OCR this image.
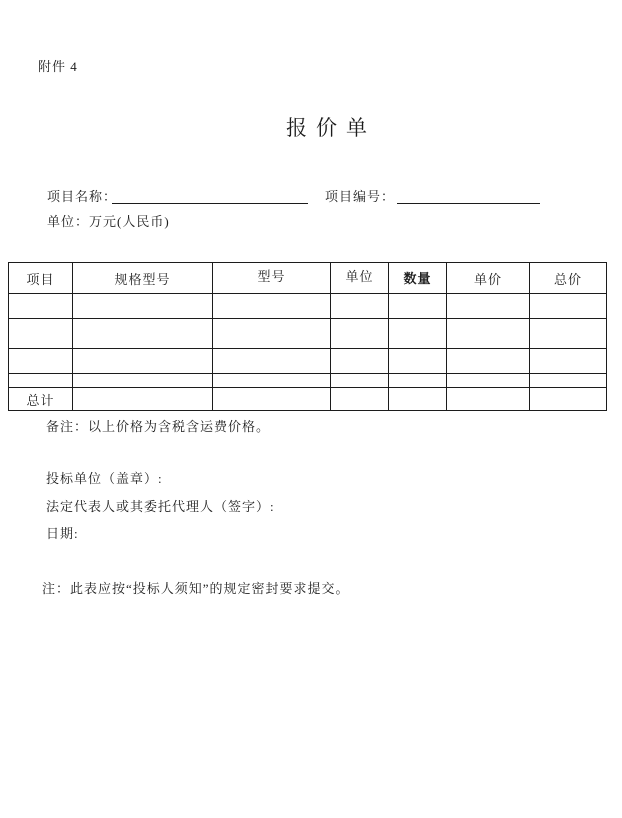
附件 4
报价单
项目名称：	项目编号：
单位：万元(人民币)
项目	规格型号	型号	单位	数量	单价	总价

总计						
备注：以上价格为含税含运费价格。
投标单位（盖章）:
法定代表人或其委托代理人（签字）:
日期:
注：此表应按“投标人须知”的规定密封要求提交。
